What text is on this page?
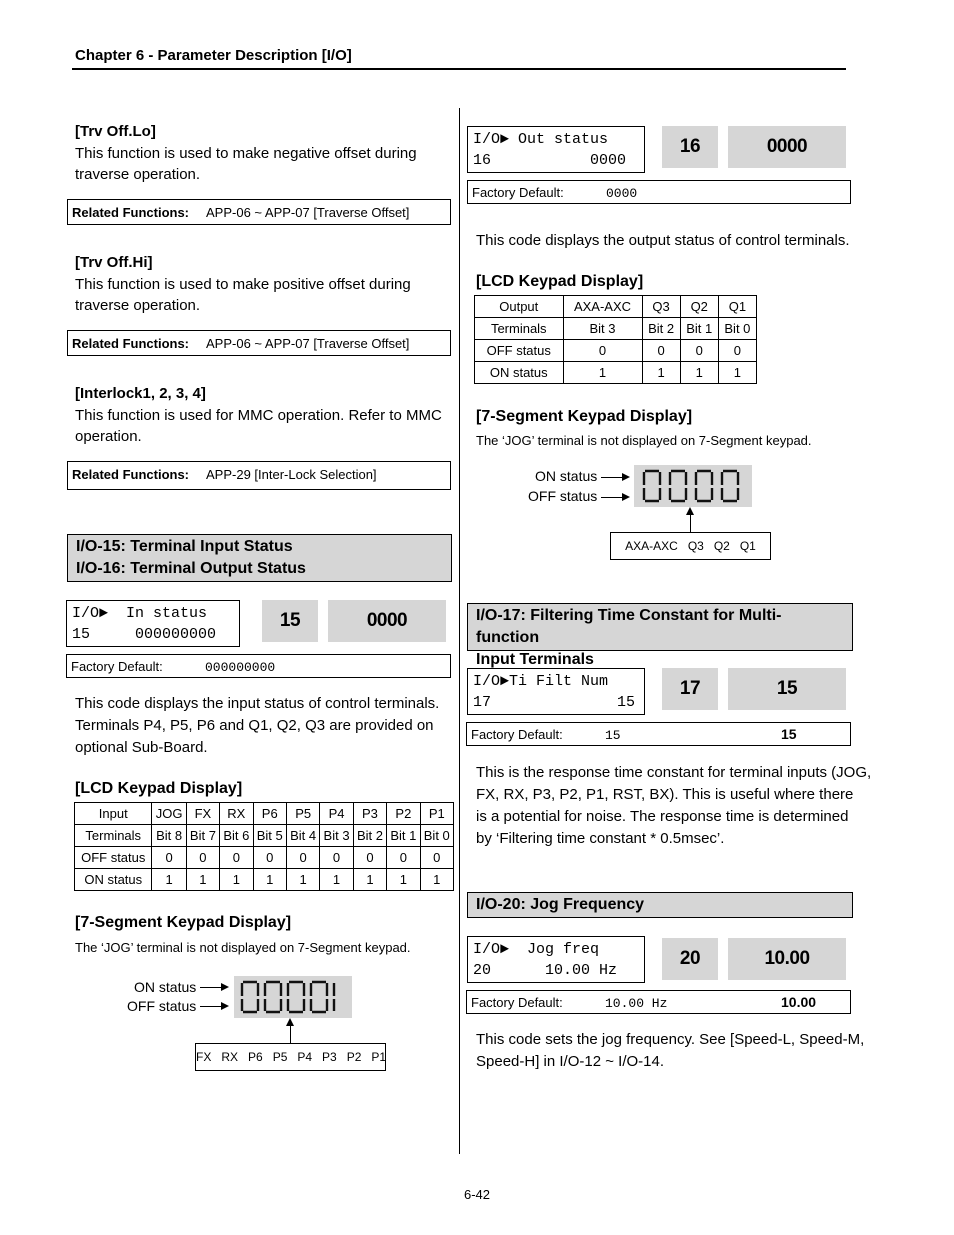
Chapter 6 - Parameter Description [I/O]
[Trv Off.Lo]
This function is used to make negative offset during
traverse operation.
Related Functions: APP-06 ~ APP-07 [Traverse Offset]
[Trv Off.Hi]
This function is used to make positive offset during
traverse operation.
Related Functions: APP-06 ~ APP-07 [Traverse Offset]
[Interlock1, 2, 3, 4]
This function is used for MMC operation. Refer to MMC
operation.
Related Functions: APP-29 [Inter-Lock Selection]
I/O-15: Terminal Input Status
I/O-16: Terminal Output Status
I/O►  In status
15     000000000
15	0000
Factory Default:	000000000
This code displays the input status of control terminals.
Terminals P4, P5, P6 and Q1, Q2, Q3 are provided on
optional Sub-Board.
[LCD Keypad Display]
Input	JOG	FX	RX	P6	P5	P4	P3	P2	P1
Terminals	Bit 8	Bit 7	Bit 6	Bit 5	Bit 4	Bit 3	Bit 2	Bit 1	Bit 0
OFF status	0	0	0	0	0	0	0	0	0
ON status	1	1	1	1	1	1	1	1	1
[7-Segment Keypad Display]
The ‘JOG’ terminal is not displayed on 7-Segment keypad.
ON status
OFF status
FX   RX   P6   P5   P4   P3   P2   P1
I/O► Out status
16           0000
16	0000
Factory Default:	0000
This code displays the output status of control terminals.
[LCD Keypad Display]
Output	AXA-AXC	Q3	Q2	Q1
Terminals	Bit 3	Bit 2	Bit 1	Bit 0
OFF status	0	0	0	0
ON status	1	1	1	1
[7-Segment Keypad Display]
The ‘JOG’ terminal is not displayed on 7-Segment keypad.
ON status
OFF status
AXA-AXC   Q3   Q2   Q1
I/O-17: Filtering Time Constant for Multi-function
Input Terminals
I/O►Ti Filt Num
17              15
17	15
Factory Default:	15	15
This is the response time constant for terminal inputs (JOG,
FX, RX, P3, P2, P1, RST, BX). This is useful where there
is a potential for noise. The response time is determined
by ‘Filtering time constant * 0.5msec’.
I/O-20: Jog Frequency
I/O►  Jog freq
20      10.00 Hz
20	10.00
Factory Default:	10.00 Hz	10.00
This code sets the jog frequency. See [Speed-L, Speed-M,
Speed-H] in I/O-12 ~ I/O-14.
6-42
